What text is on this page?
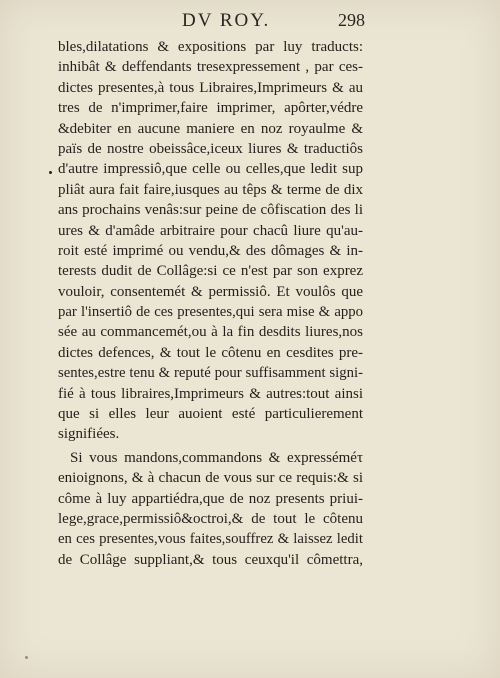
DV ROY.	298
bles,dilatations & expositions par luy traducts:
inhibât & deffendants tresexpressement , par ces-
dictes presentes,à tous Libraires,Imprimeurs & au
tres de n'imprimer,faire imprimer, apôrter,védre
&debiter en aucune maniere en noz royaulme &
païs de nostre obeissâce,iceux liures & traductiôs
d'autre impressiô,que celle ou celles,que ledit sup
pliât aura fait faire,iusques au têps & terme de dix
ans prochains venâs:sur peine de côfiscation des li
ures & d'amâde arbitraire pour chacû liure qu'au-
roit esté imprimé ou vendu,& des dômages & in-
terests dudit de Collâge:si ce n'est par son exprez
vouloir, consentemét & permissiô. Et voulôs que
par l'insertiô de ces presentes,qui sera mise & appo
sée au commancemét,ou à la fin desdits liures,nos
dictes defences, & tout le côtenu en cesdites pre-
sentes,estre tenu & reputé pour suffisamment signi-
fié à tous libraires,Imprimeurs & autres:tout ainsi
que si elles leur auoient esté particulierement
signifiées.
Si vous mandons,commandons & expresséméτ
enioignons, & à chacun de vous sur ce requis:& si
côme à luy appartiédra,que de noz presents priui-
lege,grace,permissiô&octroi,& de tout le côtenu
en ces presentes,vous faites,souffrez & laissez ledit
de Collâge suppliant,& tous ceuxqu'il cômettra,
